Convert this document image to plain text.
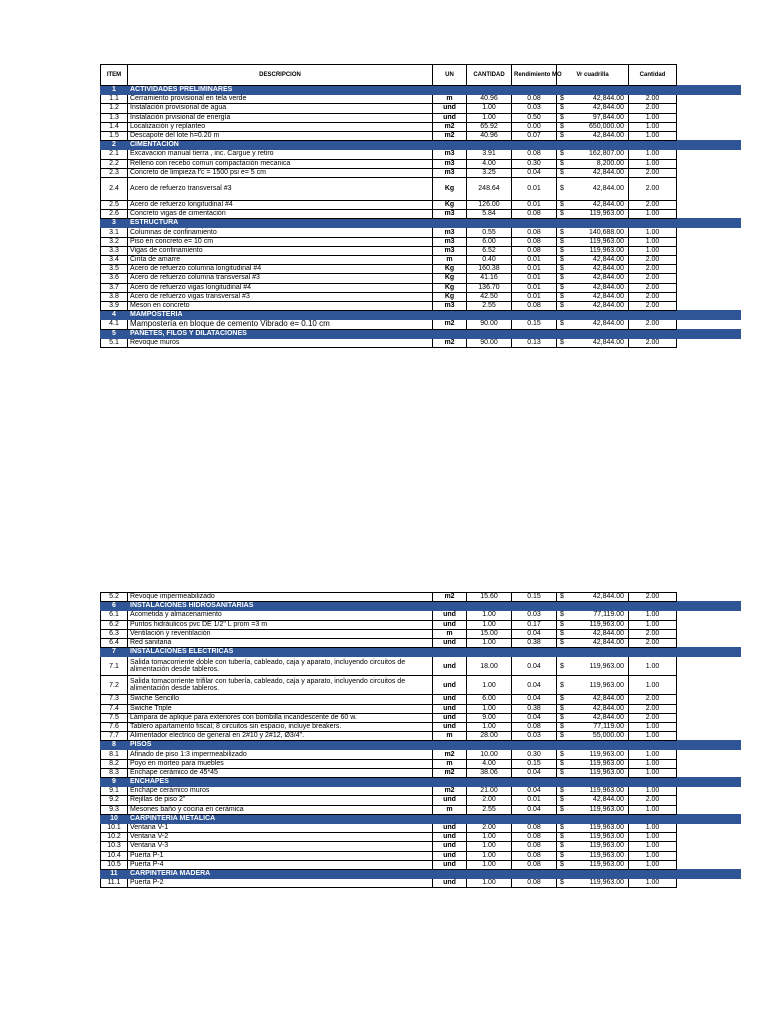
ITEM	DESCRIPCION	UN	CANTIDAD	Rendimiento MO	Vr cuadrilla	Cantidad	
1	ACTIVIDADES PRELIMINARES						
1.1	Cerramiento provisional en tela verde	m	40.96	0.08	$ 42,844.00	2.00	
1.2	Instalación provisional de agua	und	1.00	0.03	$ 42,844.00	2.00	
1.3	Instalación prvisional de energía	und	1.00	0.50	$ 97,844.00	1.00	
1.4	Localización y replanteo	m2	65.92	0.00	$ 650,000.00	1.00	
1.5	Descapote del lote h=0.20 m	m2	40.96	0.07	$ 42,844.00	1.00	
2	CIMENTACION						
2.1	Excavacion manual tierra , inc. Cargue y retiro	m3	3.91	0.08	$ 162,807.00	1.00	
2.2	Relleno con recebo comun compactación mecanica	m3	4.00	0.30	$ 8,200.00	1.00	
2.3	Concreto de limpieza f'c = 1500 psi e= 5 cm	m3	3.25	0.04	$ 42,844.00	2.00	
2.4	Acero de refuerzo transversal #3	Kg	248.64	0.01	$ 42,844.00	2.00	
2.5	Acero de refuerzo longitudinal #4	Kg	126.00	0.01	$ 42,844.00	2.00	
2.6	Concreto vigas de cimentación	m3	5.84	0.08	$ 119,963.00	1.00	
3	ESTRUCTURA						
3.1	Columnas de confinamiento	m3	0.55	0.08	$ 140,688.00	1.00	
3.2	Piso en concreto e= 10 cm	m3	6.00	0.08	$ 119,963.00	1.00	
3.3	Vigas de confinamiento	m3	6.52	0.08	$ 119,963.00	1.00	
3.4	Cinta de amarre	m	0.40	0.01	$ 42,844.00	2.00	
3.5	Acero de refuerzo columna longitudinal #4	Kg	160.38	0.01	$ 42,844.00	2.00	
3.6	Acero de refuerzo columna transversal #3	Kg	41.16	0.01	$ 42,844.00	2.00	
3.7	Acero de refuerzo vigas longitudinal #4	Kg	136.70	0.01	$ 42,844.00	2.00	
3.8	Acero de refuerzo vigas transversal #3	Kg	42.50	0.01	$ 42,844.00	2.00	
3.9	Meson en concreto	m3	2.55	0.08	$ 42,844.00	2.00	
4	MAMPOSTERIA						
4.1	Mampostería en bloque de cemento Vibrado e= 0.10 cm	m2	90.00	0.15	$ 42,844.00	2.00	
5	PAÑETES, FILOS Y DILATACIONES						
5.1	Revoque muros	m2	90.00	0.13	$ 42,844.00	2.00	
5.2	Revoque impermeabilizado	m2	15.60	0.15	$ 42,844.00	2.00	
6	INSTALACIONES HIDROSANITARIAS						
6.1	Acometida y almacenamiento	und	1.00	0.03	$ 77,119.00	1.00	
6.2	Puntos hidráulicos pvc DE 1/2" L prom =3 m	und	1.00	0.17	$ 119,963.00	1.00	
6.3	Ventilación y reventilación	m	15.00	0.04	$ 42,844.00	2.00	
6.4	Red sanitaria	und	1.00	0.38	$ 42,844.00	2.00	
7	INSTALACIONES ELECTRICAS						
7.1	Salida tomacorriente doble con tubería, cableado, caja y aparato, incluyendo circuitos de alimentación desde tableros.	und	18.00	0.04	$ 119,963.00	1.00	
7.2	Salida tomacorriente trifilar con tubería, cableado, caja y aparato, incluyendo circuitos de alimentación desde tableros.	und	1.00	0.04	$ 119,963.00	1.00	
7.3	Swiche Sencillo	und	6.00	0.04	$ 42,844.00	2.00	
7.4	Swiche Triple	und	1.00	0.38	$ 42,844.00	2.00	
7.5	Lámpara de aplique para exteriores con bombilla incandescente de 60 w.	und	9.00	0.04	$ 42,844.00	2.00	
7.6	Tablero apartamento fiscal; 8 circuitos sin espacio, incluye breakers.	und	1.00	0.08	$ 77,119.00	1.00	
7.7	Alimentador electrico de general en 2#10 y 2#12, Ø3/4".	m	28.00	0.03	$ 55,000.00	1.00	
8	PISOS						
8.1	Afinado de piso 1:3 impermeabilizado	m2	10.00	0.30	$ 119,963.00	1.00	
8.2	Poyo en morteo para muebles	m	4.00	0.15	$ 119,963.00	1.00	
8.3	Enchape cerámico de 45*45	m2	38.06	0.04	$ 119,963.00	1.00	
9	ENCHAPES						
9.1	Enchape cerámico muros	m2	21.00	0.04	$ 119,963.00	1.00	
9.2	Rejillas de piso 2"	und	2.00	0.01	$ 42,844.00	2.00	
9.3	Mesones baño y cocina en cerámica	m	2.55	0.04	$ 119,963.00	1.00	
10	CARPINTERIA METALICA						
10.1	Ventana V-1	und	2.00	0.08	$ 119,963.00	1.00	
10.2	Ventana V-2	und	1.00	0.08	$ 119,963.00	1.00	
10.3	Ventana V-3	und	1.00	0.08	$ 119,963.00	1.00	
10.4	Puerta P-1	und	1.00	0.08	$ 119,963.00	1.00	
10.5	Puerta P-4	und	1.00	0.08	$ 119,963.00	1.00	
11	CARPINTERIA MADERA						
11.1	Puerta P-2	und	1.00	0.08	$ 119,963.00	1.00	
